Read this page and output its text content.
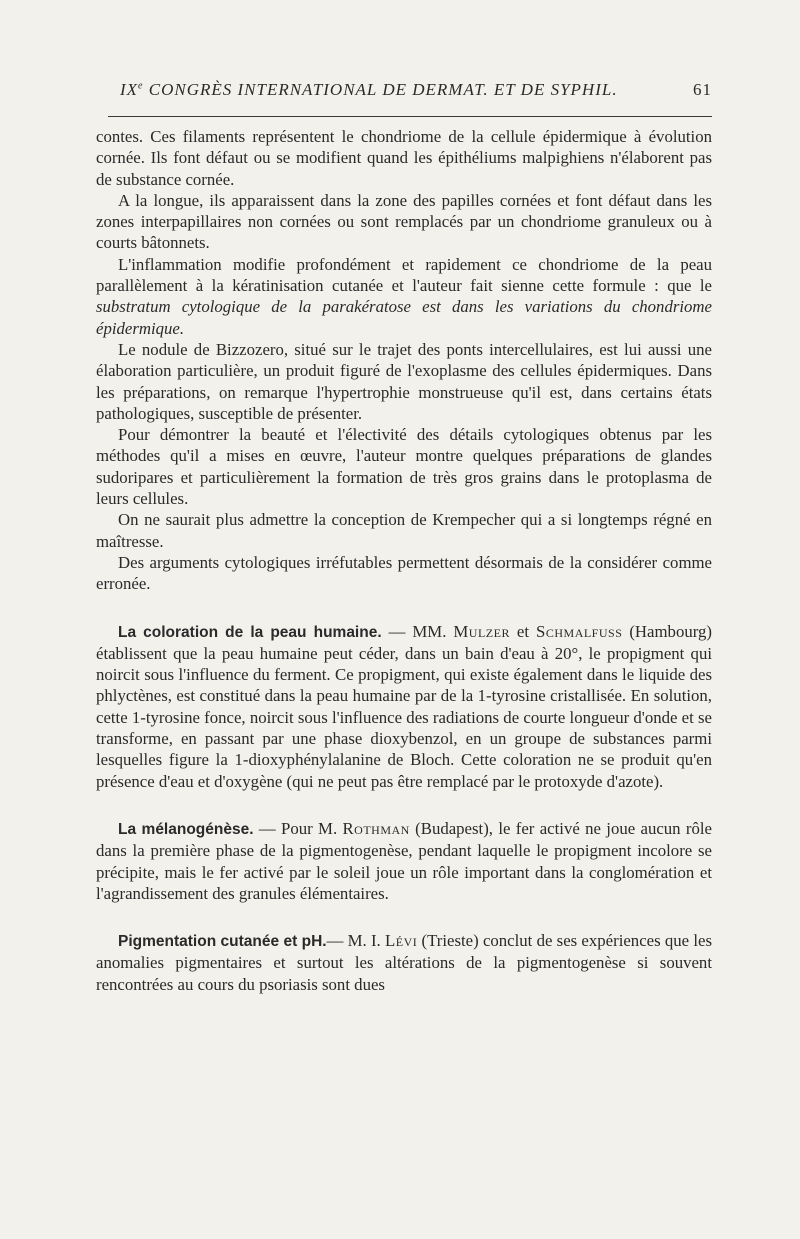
IXe CONGRÈS INTERNATIONAL DE DERMAT. ET DE SYPHIL.	61

contes. Ces filaments représentent le chondriome de la cellule épidermique à évolution cornée. Ils font défaut ou se modifient quand les épithéliums malpighiens n'élaborent pas de substance cornée.

A la longue, ils apparaissent dans la zone des papilles cornées et font défaut dans les zones interpapillaires non cornées ou sont remplacés par un chondriome granuleux ou à courts bâtonnets.

L'inflammation modifie profondément et rapidement ce chondriome de la peau parallèlement à la kératinisation cutanée et l'auteur fait sienne cette formule : que le substratum cytologique de la parakératose est dans les variations du chondriome épidermique.

Le nodule de Bizzozero, situé sur le trajet des ponts intercellulaires, est lui aussi une élaboration particulière, un produit figuré de l'exoplasme des cellules épidermiques. Dans les préparations, on remarque l'hypertrophie monstrueuse qu'il est, dans certains états pathologiques, susceptible de présenter.

Pour démontrer la beauté et l'électivité des détails cytologiques obtenus par les méthodes qu'il a mises en œuvre, l'auteur montre quelques préparations de glandes sudoripares et particulièrement la formation de très gros grains dans le protoplasma de leurs cellules.

On ne saurait plus admettre la conception de Krempecher qui a si longtemps régné en maîtresse.

Des arguments cytologiques irréfutables permettent désormais de la considérer comme erronée.

La coloration de la peau humaine. — MM. Mulzer et Schmalfuss (Hambourg) établissent que la peau humaine peut céder, dans un bain d'eau à 20°, le propigment qui noircit sous l'influence du ferment. Ce propigment, qui existe également dans le liquide des phlyctènes, est constitué dans la peau humaine par de la 1-tyrosine cristallisée. En solution, cette 1-tyrosine fonce, noircit sous l'influence des radiations de courte longueur d'onde et se transforme, en passant par une phase dioxybenzol, en un groupe de substances parmi lesquelles figure la 1-dioxyphénylalanine de Bloch. Cette coloration ne se produit qu'en présence d'eau et d'oxygène (qui ne peut pas être remplacé par le protoxyde d'azote).

La mélanogénèse. — Pour M. Rothman (Budapest), le fer activé ne joue aucun rôle dans la première phase de la pigmentogenèse, pendant laquelle le propigment incolore se précipite, mais le fer activé par le soleil joue un rôle important dans la conglomération et l'agrandissement des granules élémentaires.

Pigmentation cutanée et pH.— M. I. Lévi (Trieste) conclut de ses expériences que les anomalies pigmentaires et surtout les altérations de la pigmentogenèse si souvent rencontrées au cours du psoriasis sont dues
